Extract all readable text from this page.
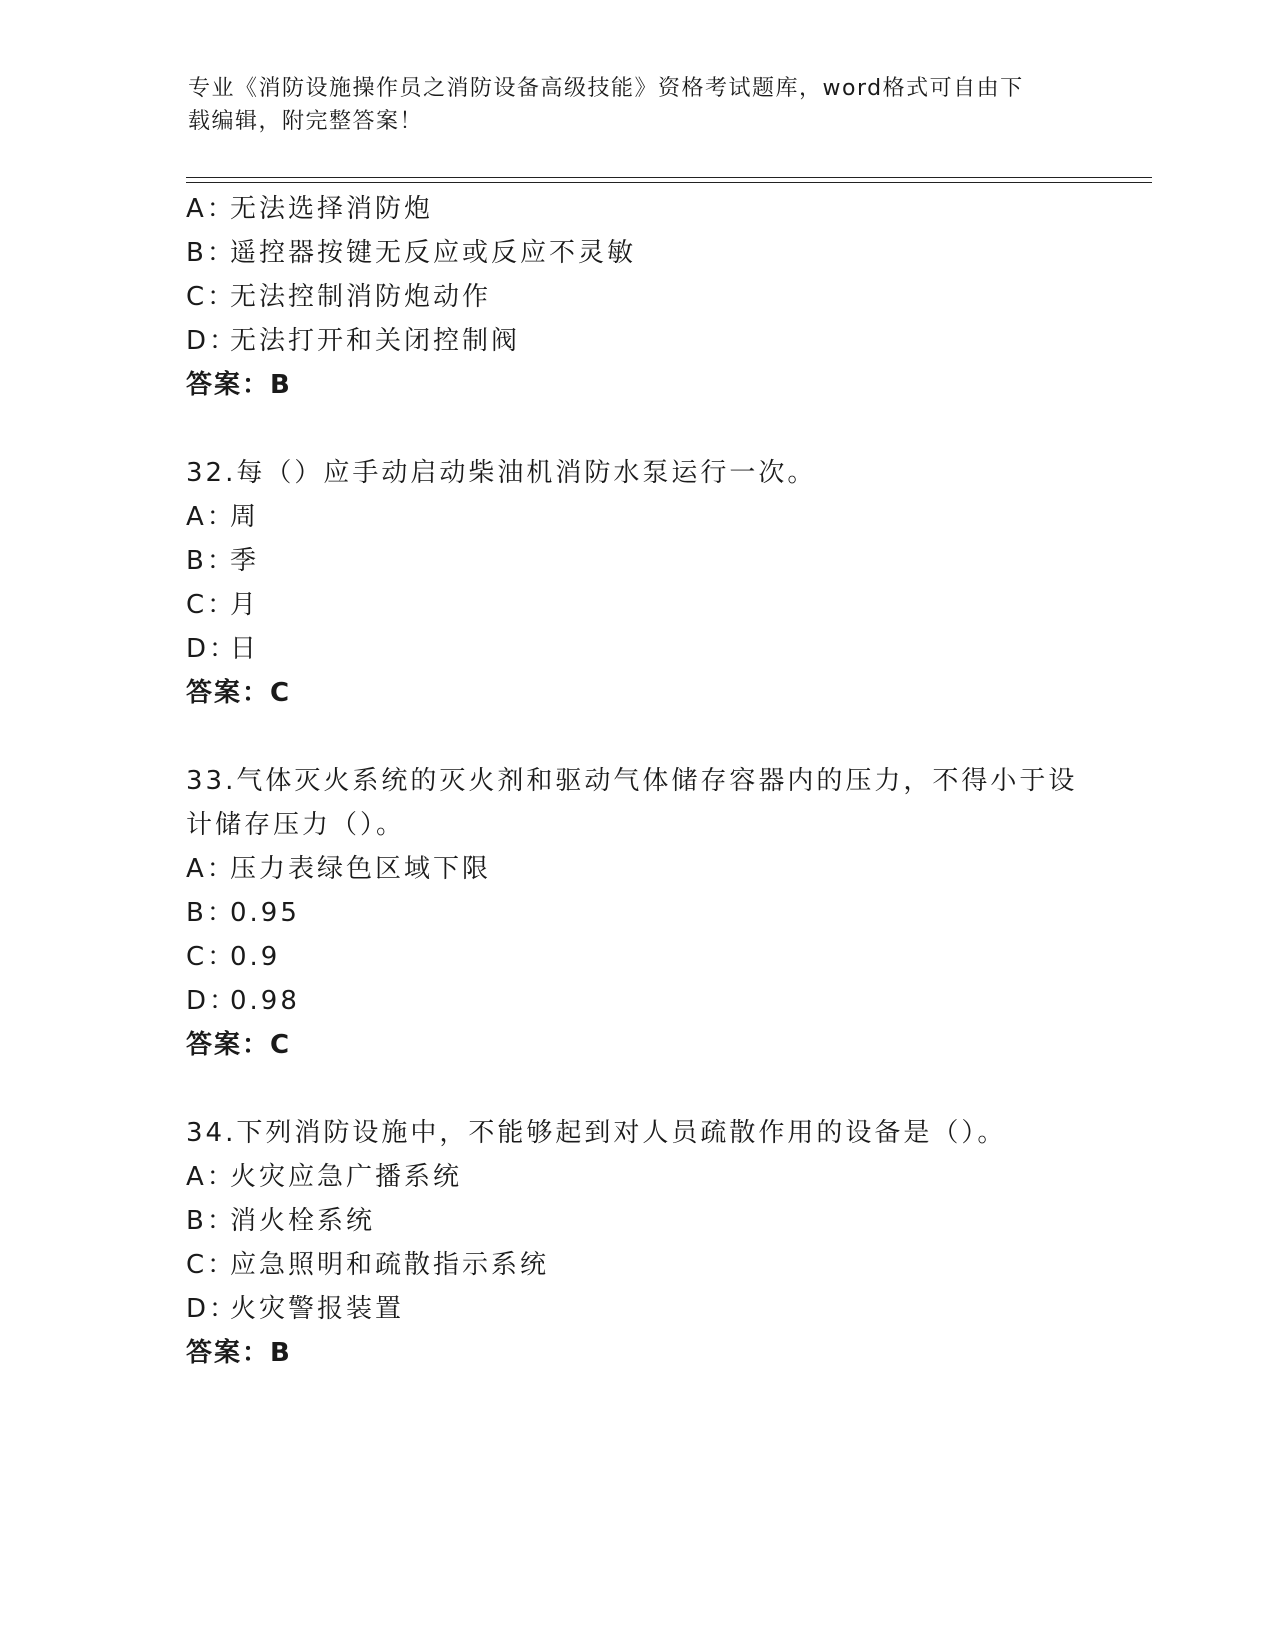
专业《消防设施操作员之消防设备高级技能》资格考试题库，word格式可自由下
载编辑，附完整答案！
A：无法选择消防炮
B：遥控器按键无反应或反应不灵敏
C：无法控制消防炮动作
D：无法打开和关闭控制阀
答案：B
32.每（）应手动启动柴油机消防水泵运行一次。
A：周
B：季
C：月
D：日
答案：C
33.气体灭火系统的灭火剂和驱动气体储存容器内的压力，不得小于设
计储存压力（）。
A：压力表绿色区域下限
B：0.95
C：0.9
D：0.98
答案：C
34.下列消防设施中，不能够起到对人员疏散作用的设备是（）。
A：火灾应急广播系统
B：消火栓系统
C：应急照明和疏散指示系统
D：火灾警报装置
答案：B
